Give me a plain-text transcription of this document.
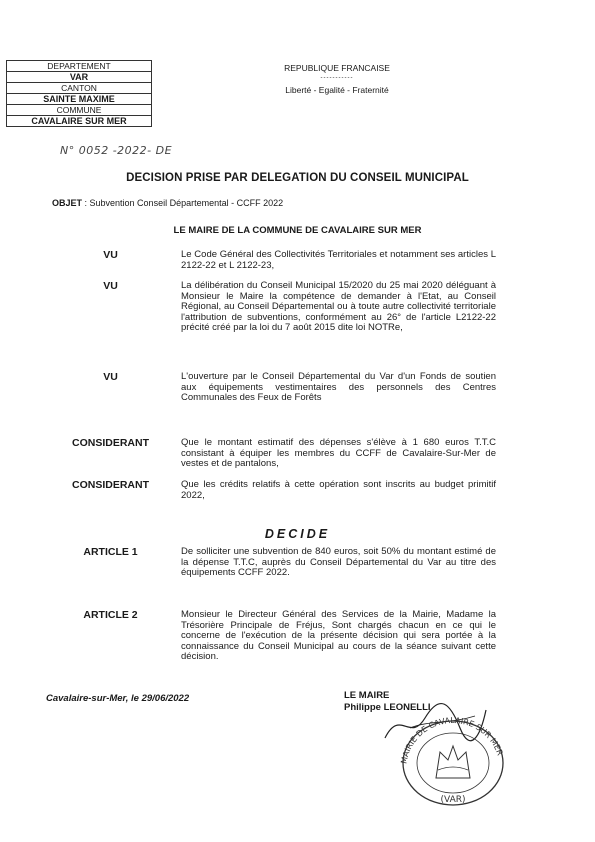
DEPARTEMENT
VAR
CANTON
SAINTE MAXIME
COMMUNE
CAVALAIRE SUR MER
REPUBLIQUE FRANCAISE
-----------
Liberté - Egalité - Fraternité
N° 0052 -2022- DE
DECISION PRISE PAR DELEGATION DU CONSEIL MUNICIPAL
OBJET : Subvention Conseil Départemental - CCFF 2022
LE MAIRE DE LA COMMUNE DE CAVALAIRE SUR MER
VU	Le Code Général des Collectivités Territoriales et notamment ses articles L 2122-22 et L 2122-23,
VU	La délibération du Conseil Municipal 15/2020 du 25 mai 2020 déléguant à Monsieur le Maire la compétence de demander à l'Etat, au Conseil Régional, au Conseil Départemental ou à toute autre collectivité territoriale l'attribution de subventions, conformément au 26° de l'article L2122-22 précité créé par la loi du 7 août 2015 dite loi NOTRe,
VU	L'ouverture par le Conseil Départemental du Var d'un Fonds de soutien aux équipements vestimentaires des personnels des Centres Communales des Feux de Forêts
CONSIDERANT	Que le montant estimatif des dépenses s'élève à 1 680 euros T.T.C consistant à équiper les membres du CCFF de Cavalaire-Sur-Mer de vestes et de pantalons,
CONSIDERANT	Que les crédits relatifs à cette opération sont inscrits au budget primitif 2022,
DECIDE
ARTICLE 1	De solliciter une subvention de 840 euros, soit 50% du montant estimé de la dépense T.T.C, auprès du Conseil Départemental du Var au titre des équipements CCFF 2022.
ARTICLE 2	Monsieur le Directeur Général des Services de la Mairie, Madame la Trésorière Principale de Fréjus, Sont chargés chacun en ce qui le concerne de l'exécution de la présente décision qui sera portée à la connaissance du Conseil Municipal au cours de la séance suivant cette décision.
Cavalaire-sur-Mer, le 29/06/2022	LE MAIRE
Philippe LEONELLI
MAIRIE DE CAVALAIRE SUR MER
(VAR)
